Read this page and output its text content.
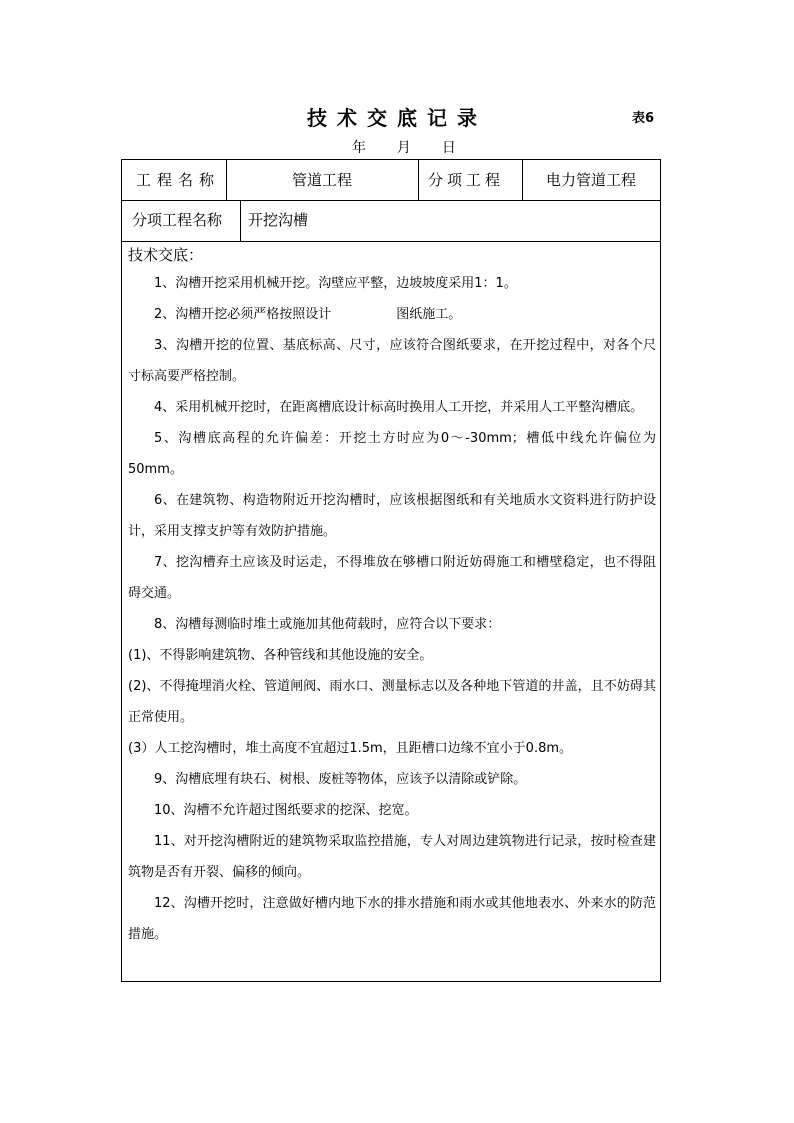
技术交底记录	表6
年 月 日
工程名称	管道工程	分项工程	电力管道工程
分项工程名称 开挖沟槽
技术交底：

1、沟槽开挖采用机械开挖。沟壁应平整，边坡坡度采用1：1。

2、沟槽开挖必须严格按照设计　　　　　图纸施工。

3、沟槽开挖的位置、基底标高、尺寸，应该符合图纸要求，在开挖过程中，对各个尺寸标高要严格控制。

4、采用机械开挖时，在距离槽底设计标高时换用人工开挖，并采用人工平整沟槽底。

5、沟槽底高程的允许偏差：开挖土方时应为0～-30mm；槽低中线允许偏位为50mm。

6、在建筑物、构造物附近开挖沟槽时，应该根据图纸和有关地质水文资料进行防护设计，采用支撑支护等有效防护措施。

7、挖沟槽弃土应该及时运走，不得堆放在够槽口附近妨碍施工和槽壁稳定，也不得阻碍交通。

8、沟槽每测临时堆土或施加其他荷载时，应符合以下要求：

(1)、不得影响建筑物、各种管线和其他设施的安全。

(2)、不得掩埋消火栓、管道闸阀、雨水口、测量标志以及各种地下管道的井盖，且不妨碍其正常使用。

(3）人工挖沟槽时，堆土高度不宜超过1.5m，且距槽口边缘不宜小于0.8m。

9、沟槽底埋有块石、树根、废桩等物体，应该予以清除或铲除。

10、沟槽不允许超过图纸要求的挖深、挖宽。

11、对开挖沟槽附近的建筑物采取监控措施，专人对周边建筑物进行记录，按时检查建筑物是否有开裂、偏移的倾向。

12、沟槽开挖时，注意做好槽内地下水的排水措施和雨水或其他地表水、外来水的防范措施。
